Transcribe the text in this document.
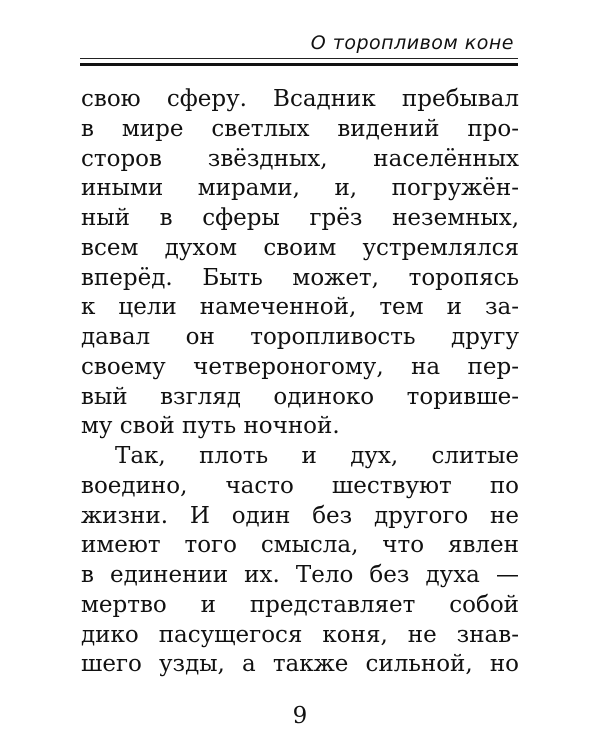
О торопливом коне
свою сферу. Всадник пребывал
в мире светлых видений про-
сторов звёздных, населённых
иными мирами, и, погружён-
ный в сферы грёз неземных,
всем духом своим устремлялся
вперёд. Быть может, торопясь
к цели намеченной, тем и за-
давал он торопливость другу
своему четвероногому, на пер-
вый взгляд одиноко торивше-
му свой путь ночной.
Так, плоть и дух, слитые
воедино, часто шествуют по
жизни. И один без другого не
имеют того смысла, что явлен
в единении их. Тело без духа —
мертво и представляет собой
дико пасущегося коня, не знав-
шего узды, а также сильной, но
9
